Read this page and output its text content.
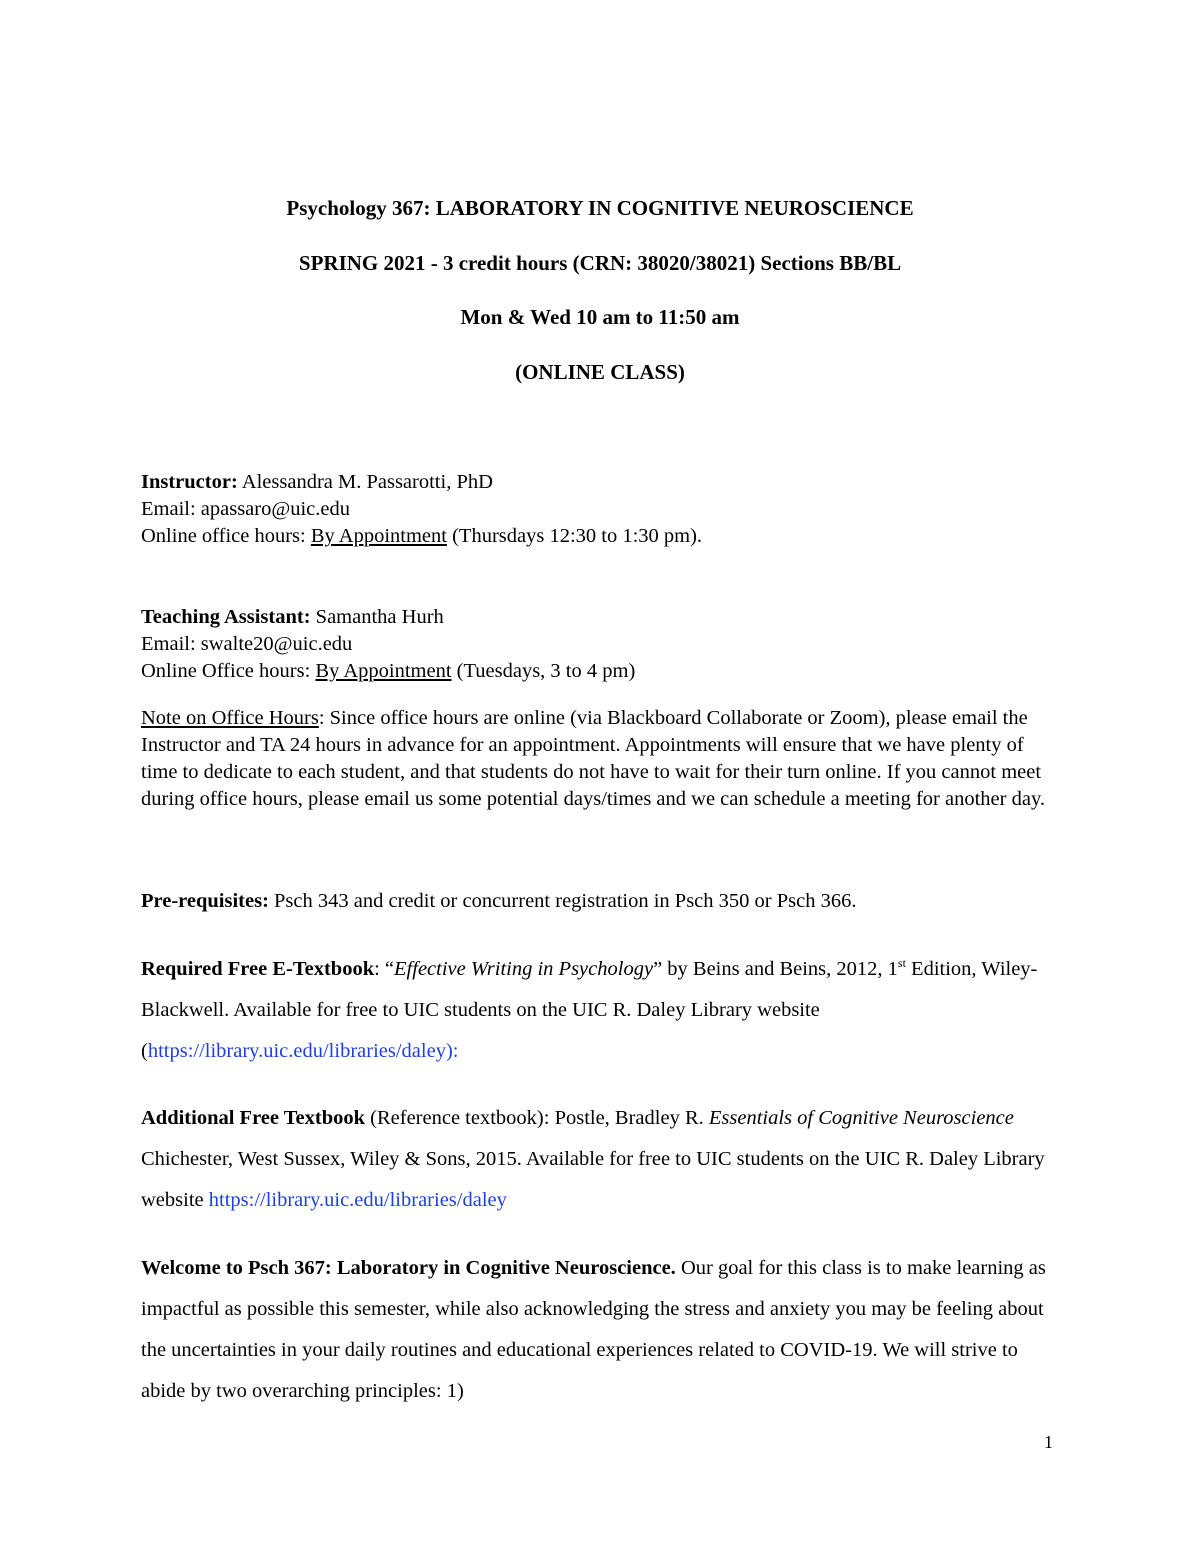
Psychology 367: LABORATORY IN COGNITIVE NEUROSCIENCE

SPRING 2021 - 3 credit hours (CRN: 38020/38021) Sections BB/BL

Mon & Wed 10 am to 11:50 am

(ONLINE CLASS)

Instructor: Alessandra M. Passarotti, PhD
Email: apassaro@uic.edu
Online office hours: By Appointment (Thursdays 12:30 to 1:30 pm).
Teaching Assistant: Samantha Hurh
Email: swalte20@uic.edu
Online Office hours: By Appointment (Tuesdays, 3 to 4 pm)

Note on Office Hours: Since office hours are online (via Blackboard Collaborate or Zoom), please email the Instructor and TA 24 hours in advance for an appointment. Appointments will ensure that we have plenty of time to dedicate to each student, and that students do not have to wait for their turn online. If you cannot meet during office hours, please email us some potential days/times and we can schedule a meeting for another day.

Pre-requisites: Psch 343 and credit or concurrent registration in Psch 350 or Psch 366.

Required Free E-Textbook: “Effective Writing in Psychology” by Beins and Beins, 2012, 1st Edition, Wiley-Blackwell. Available for free to UIC students on the UIC R. Daley Library website (https://library.uic.edu/libraries/daley):

Additional Free Textbook (Reference textbook): Postle, Bradley R. Essentials of Cognitive Neuroscience Chichester, West Sussex, Wiley & Sons, 2015. Available for free to UIC students on the UIC R. Daley Library website https://library.uic.edu/libraries/daley

Welcome to Psch 367: Laboratory in Cognitive Neuroscience. Our goal for this class is to make learning as impactful as possible this semester, while also acknowledging the stress and anxiety you may be feeling about the uncertainties in your daily routines and educational experiences related to COVID-19. We will strive to abide by two overarching principles: 1)

1
